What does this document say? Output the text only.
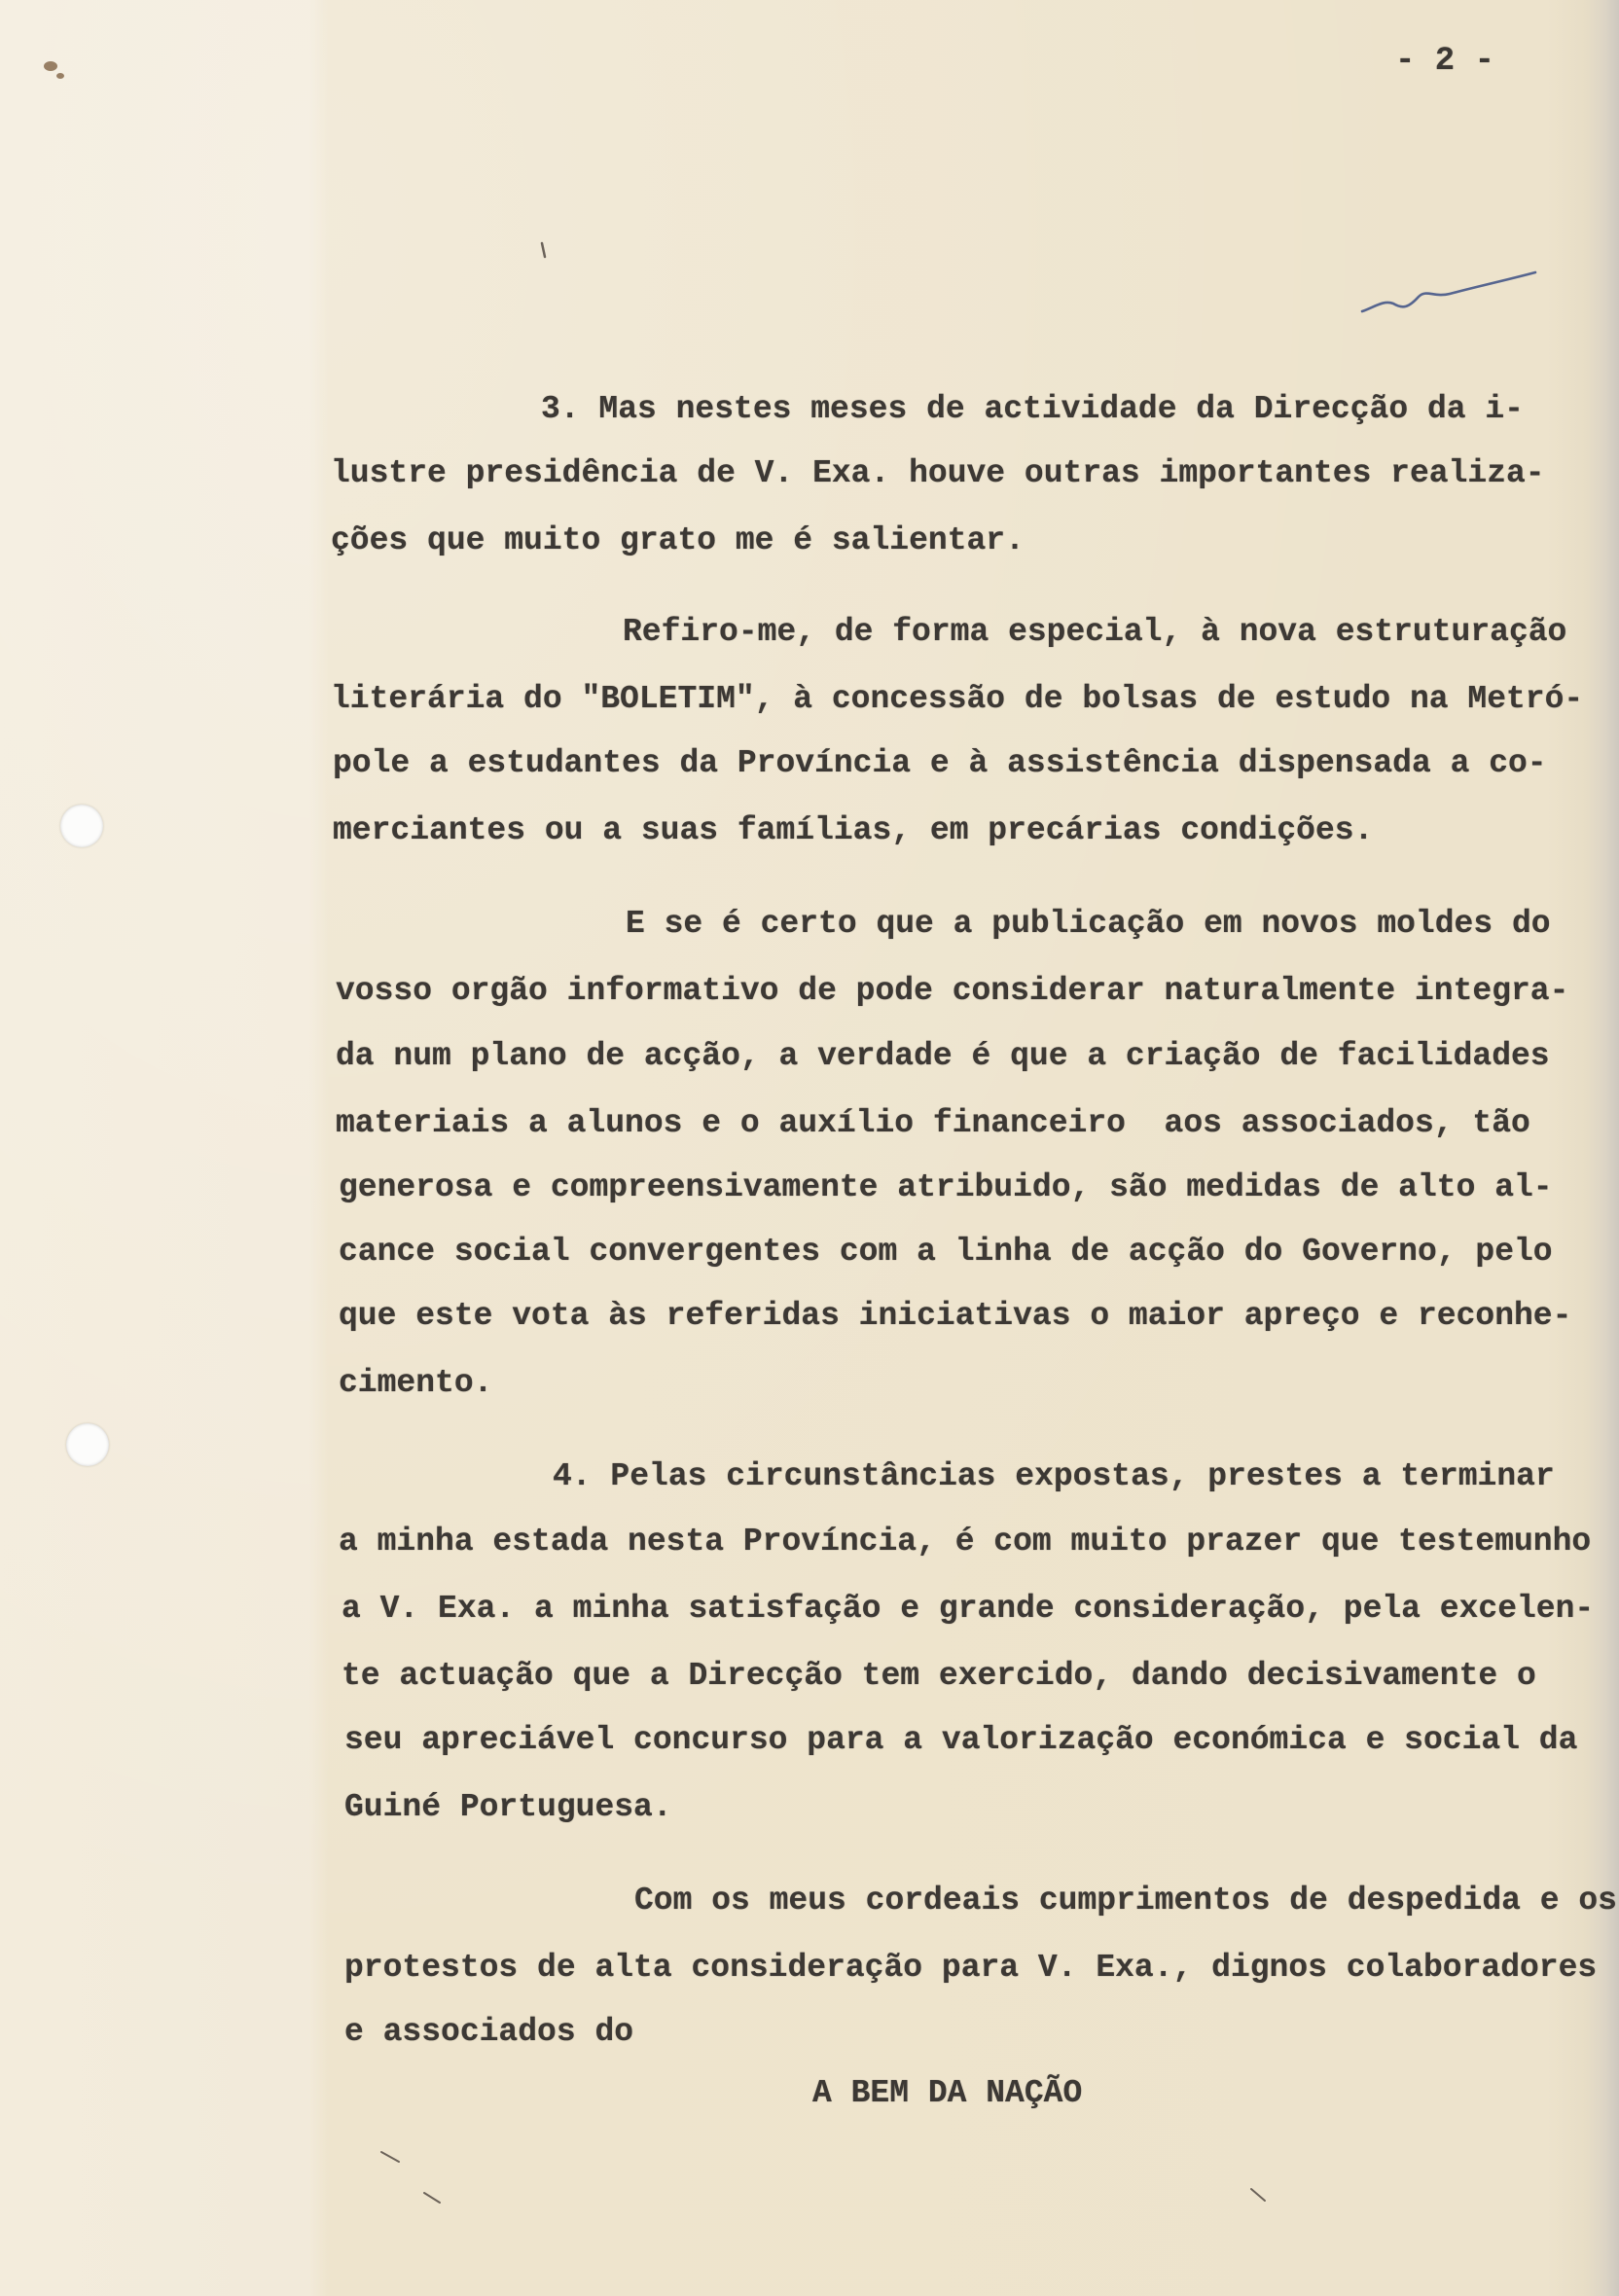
- 2 -
3. Mas nestes meses de actividade da Direcção da i-
lustre presidência de V. Exa. houve outras importantes realiza-
ções que muito grato me é salientar.
Refiro-me, de forma especial, à nova estruturação
literária do "BOLETIM", à concessão de bolsas de estudo na Metró-
pole a estudantes da Província e à assistência dispensada a co-
merciantes ou a suas famílias, em precárias condições.
E se é certo que a publicação em novos moldes do
vosso orgão informativo de pode considerar naturalmente integra-
da num plano de acção, a verdade é que a criação de facilidades
materiais a alunos e o auxílio financeiro  aos associados, tão
generosa e compreensivamente atribuido, são medidas de alto al-
cance social convergentes com a linha de acção do Governo, pelo
que este vota às referidas iniciativas o maior apreço e reconhe-
cimento.
4. Pelas circunstâncias expostas, prestes a terminar
a minha estada nesta Província, é com muito prazer que testemunho
a V. Exa. a minha satisfação e grande consideração, pela excelen-
te actuação que a Direcção tem exercido, dando decisivamente o
seu apreciável concurso para a valorização económica e social da
Guiné Portuguesa.
Com os meus cordeais cumprimentos de despedida e os
protestos de alta consideração para V. Exa., dignos colaboradores
e associados do
A BEM DA NAÇÃO
